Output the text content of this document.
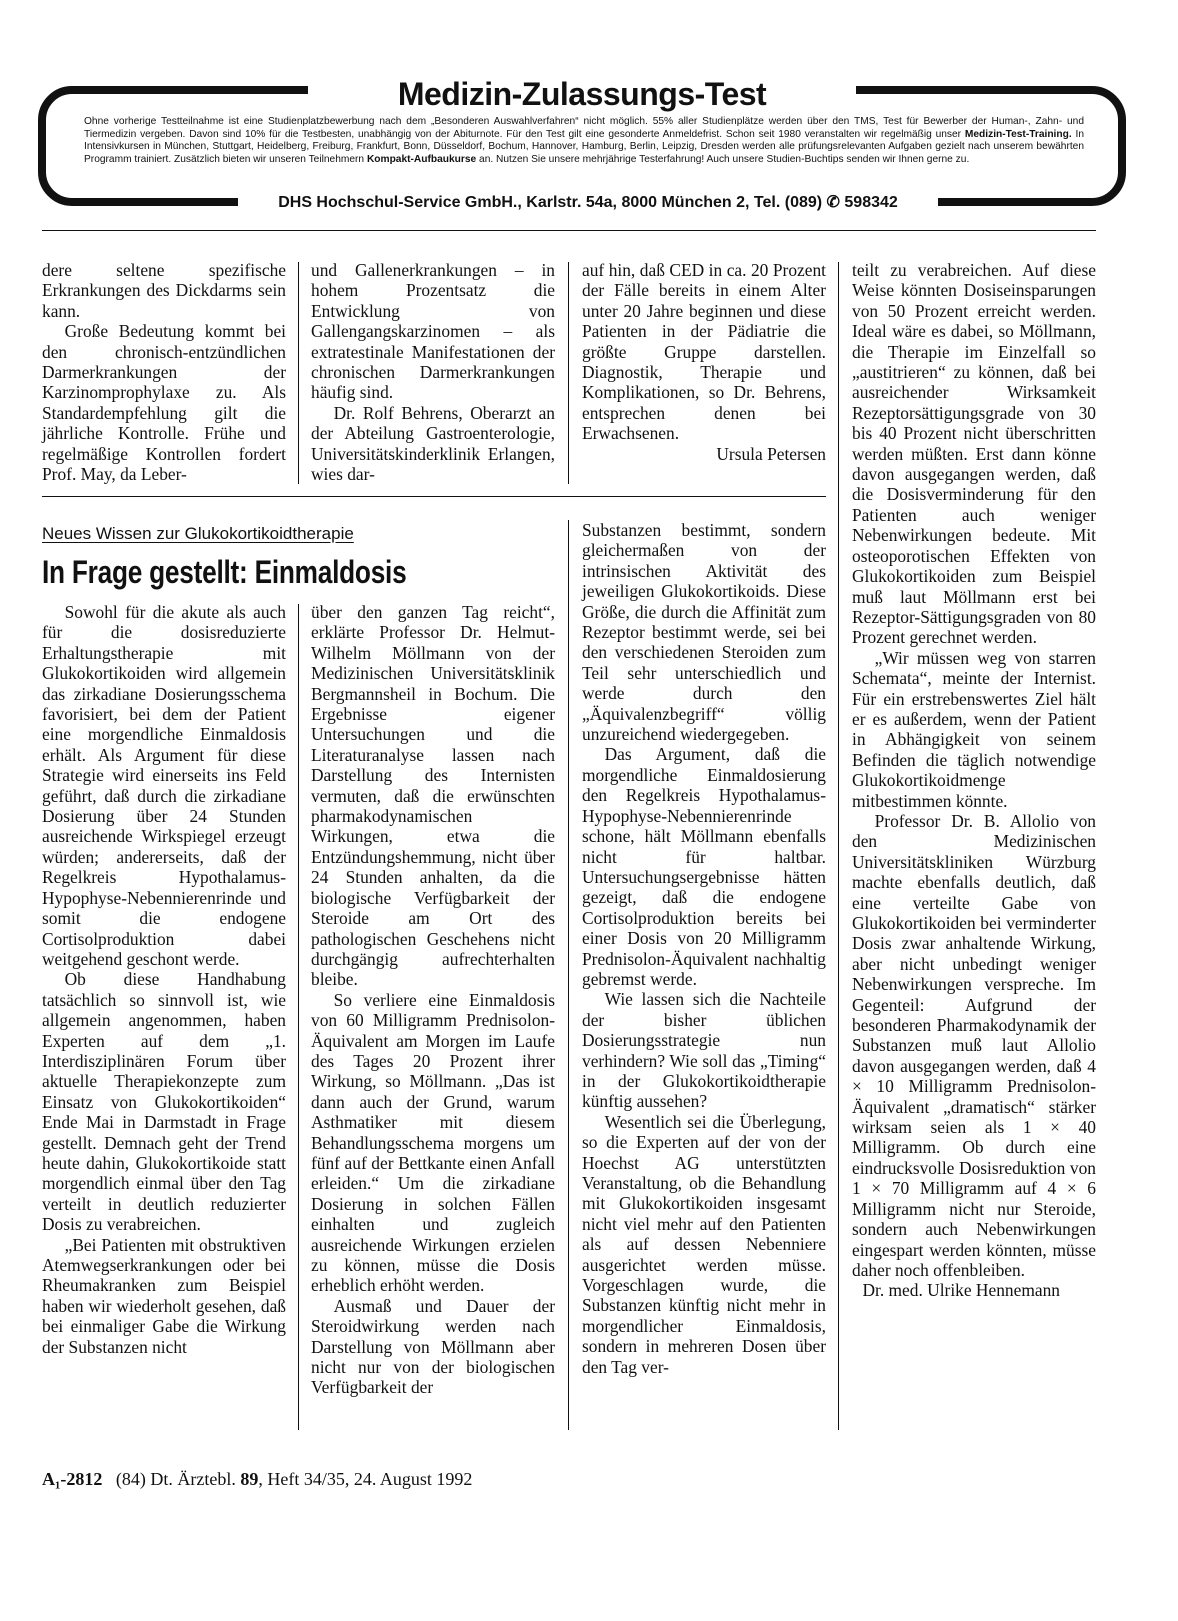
Medizin-Zulassungs-Test
Ohne vorherige Testteilnahme ist eine Studienplatzbewerbung nach dem „Besonderen Auswahlverfahren“ nicht möglich. 55% aller Studienplätze werden über den TMS, Test für Bewerber der Human-, Zahn- und Tiermedizin vergeben. Davon sind 10% für die Testbesten, unabhängig von der Abiturnote. Für den Test gilt eine gesonderte Anmeldefrist. Schon seit 1980 veranstalten wir regelmäßig unser Medizin-Test-Training. In Intensivkursen in München, Stuttgart, Heidelberg, Freiburg, Frankfurt, Bonn, Düsseldorf, Bochum, Hannover, Hamburg, Berlin, Leipzig, Dresden werden alle prüfungsrelevanten Aufgaben gezielt nach unserem bewährten Programm trainiert. Zusätzlich bieten wir unseren Teilnehmern Kompakt-Aufbaukurse an. Nutzen Sie unsere mehrjährige Testerfahrung! Auch unsere Studien-Buchtips senden wir Ihnen gerne zu.
DHS Hochschul-Service GmbH., Karlstr. 54a, 8000 München 2, Tel. (089) ✆ 598342

dere seltene spezifische Erkrankungen des Dickdarms sein kann.

Große Bedeutung kommt bei den chronisch-entzündlichen Darmerkrankungen der Karzinomprophylaxe zu. Als Standardempfehlung gilt die jährliche Kontrolle. Frühe und regelmäßige Kontrollen fordert Prof. May, da Leber-

und Gallenerkrankungen – in hohem Prozentsatz die Entwicklung von Gallengangskarzinomen – als extratestinale Manifestationen der chronischen Darmerkrankungen häufig sind.

Dr. Rolf Behrens, Oberarzt an der Abteilung Gastroenterologie, Universitätskinderklinik Erlangen, wies dar-

auf hin, daß CED in ca. 20 Prozent der Fälle bereits in einem Alter unter 20 Jahre beginnen und diese Patienten in der Pädiatrie die größte Gruppe darstellen. Diagnostik, Therapie und Komplikationen, so Dr. Behrens, entsprechen denen bei Erwachsenen.

Ursula Petersen

Neues Wissen zur Glukokortikoidtherapie
In Frage gestellt: Einmaldosis

Sowohl für die akute als auch für die dosisreduzierte Erhaltungstherapie mit Glukokortikoiden wird allgemein das zirkadiane Dosierungsschema favorisiert, bei dem der Patient eine morgendliche Einmaldosis erhält. Als Argument für diese Strategie wird einerseits ins Feld geführt, daß durch die zirkadiane Dosierung über 24 Stunden ausreichende Wirkspiegel erzeugt würden; andererseits, daß der Regelkreis Hypothalamus-Hypophyse-Nebennierenrinde und somit die endogene Cortisolproduktion dabei weitgehend geschont werde.

Ob diese Handhabung tatsächlich so sinnvoll ist, wie allgemein angenommen, haben Experten auf dem „1. Interdisziplinären Forum über aktuelle Therapiekonzepte zum Einsatz von Glukokortikoiden“ Ende Mai in Darmstadt in Frage gestellt. Demnach geht der Trend heute dahin, Glukokortikoide statt morgendlich einmal über den Tag verteilt in deutlich reduzierter Dosis zu verabreichen.

„Bei Patienten mit obstruktiven Atemwegserkrankungen oder bei Rheumakranken zum Beispiel haben wir wiederholt gesehen, daß bei einmaliger Gabe die Wirkung der Substanzen nicht

über den ganzen Tag reicht“, erklärte Professor Dr. Helmut-Wilhelm Möllmann von der Medizinischen Universitätsklinik Bergmannsheil in Bochum. Die Ergebnisse eigener Untersuchungen und die Literaturanalyse lassen nach Darstellung des Internisten vermuten, daß die erwünschten pharmakodynamischen Wirkungen, etwa die Entzündungshemmung, nicht über 24 Stunden anhalten, da die biologische Verfügbarkeit der Steroide am Ort des pathologischen Geschehens nicht durchgängig aufrechterhalten bleibe.

So verliere eine Einmaldosis von 60 Milligramm Prednisolon-Äquivalent am Morgen im Laufe des Tages 20 Prozent ihrer Wirkung, so Möllmann. „Das ist dann auch der Grund, warum Asthmatiker mit diesem Behandlungsschema morgens um fünf auf der Bettkante einen Anfall erleiden.“ Um die zirkadiane Dosierung in solchen Fällen einhalten und zugleich ausreichende Wirkungen erzielen zu können, müsse die Dosis erheblich erhöht werden.

Ausmaß und Dauer der Steroidwirkung werden nach Darstellung von Möllmann aber nicht nur von der biologischen Verfügbarkeit der

Substanzen bestimmt, sondern gleichermaßen von der intrinsischen Aktivität des jeweiligen Glukokortikoids. Diese Größe, die durch die Affinität zum Rezeptor bestimmt werde, sei bei den verschiedenen Steroiden zum Teil sehr unterschiedlich und werde durch den „Äquivalenzbegriff“ völlig unzureichend wiedergegeben.

Das Argument, daß die morgendliche Einmaldosierung den Regelkreis Hypothalamus-Hypophyse-Nebennierenrinde schone, hält Möllmann ebenfalls nicht für haltbar. Untersuchungsergebnisse hätten gezeigt, daß die endogene Cortisolproduktion bereits bei einer Dosis von 20 Milligramm Prednisolon-Äquivalent nachhaltig gebremst werde.

Wie lassen sich die Nachteile der bisher üblichen Dosierungsstrategie nun verhindern? Wie soll das „Timing“ in der Glukokortikoidtherapie künftig aussehen?

Wesentlich sei die Überlegung, so die Experten auf der von der Hoechst AG unterstützten Veranstaltung, ob die Behandlung mit Glukokortikoiden insgesamt nicht viel mehr auf den Patienten als auf dessen Nebenniere ausgerichtet werden müsse. Vorgeschlagen wurde, die Substanzen künftig nicht mehr in morgendlicher Einmaldosis, sondern in mehreren Dosen über den Tag ver-

teilt zu verabreichen. Auf diese Weise könnten Dosiseinsparungen von 50 Prozent erreicht werden. Ideal wäre es dabei, so Möllmann, die Therapie im Einzelfall so „austitrieren“ zu können, daß bei ausreichender Wirksamkeit Rezeptorsättigungsgrade von 30 bis 40 Prozent nicht überschritten werden müßten. Erst dann könne davon ausgegangen werden, daß die Dosisverminderung für den Patienten auch weniger Nebenwirkungen bedeute. Mit osteoporotischen Effekten von Glukokortikoiden zum Beispiel muß laut Möllmann erst bei Rezeptor-Sättigungsgraden von 80 Prozent gerechnet werden.

„Wir müssen weg von starren Schemata“, meinte der Internist. Für ein erstrebenswertes Ziel hält er es außerdem, wenn der Patient in Abhängigkeit von seinem Befinden die täglich notwendige Glukokortikoidmenge mitbestimmen könnte.

Professor Dr. B. Allolio von den Medizinischen Universitätskliniken Würzburg machte ebenfalls deutlich, daß eine verteilte Gabe von Glukokortikoiden bei verminderter Dosis zwar anhaltende Wirkung, aber nicht unbedingt weniger Nebenwirkungen verspreche. Im Gegenteil: Aufgrund der besonderen Pharmakodynamik der Substanzen muß laut Allolio davon ausgegangen werden, daß 4 × 10 Milligramm Prednisolon-Äquivalent „dramatisch“ stärker wirksam seien als 1 × 40 Milligramm. Ob durch eine eindrucksvolle Dosisreduktion von 1 × 70 Milligramm auf 4 × 6 Milligramm nicht nur Steroide, sondern auch Nebenwirkungen eingespart werden könnten, müsse daher noch offenbleiben.

Dr. med. Ulrike Hennemann

A₁-2812 (84) Dt. Ärztebl. 89, Heft 34/35, 24. August 1992
